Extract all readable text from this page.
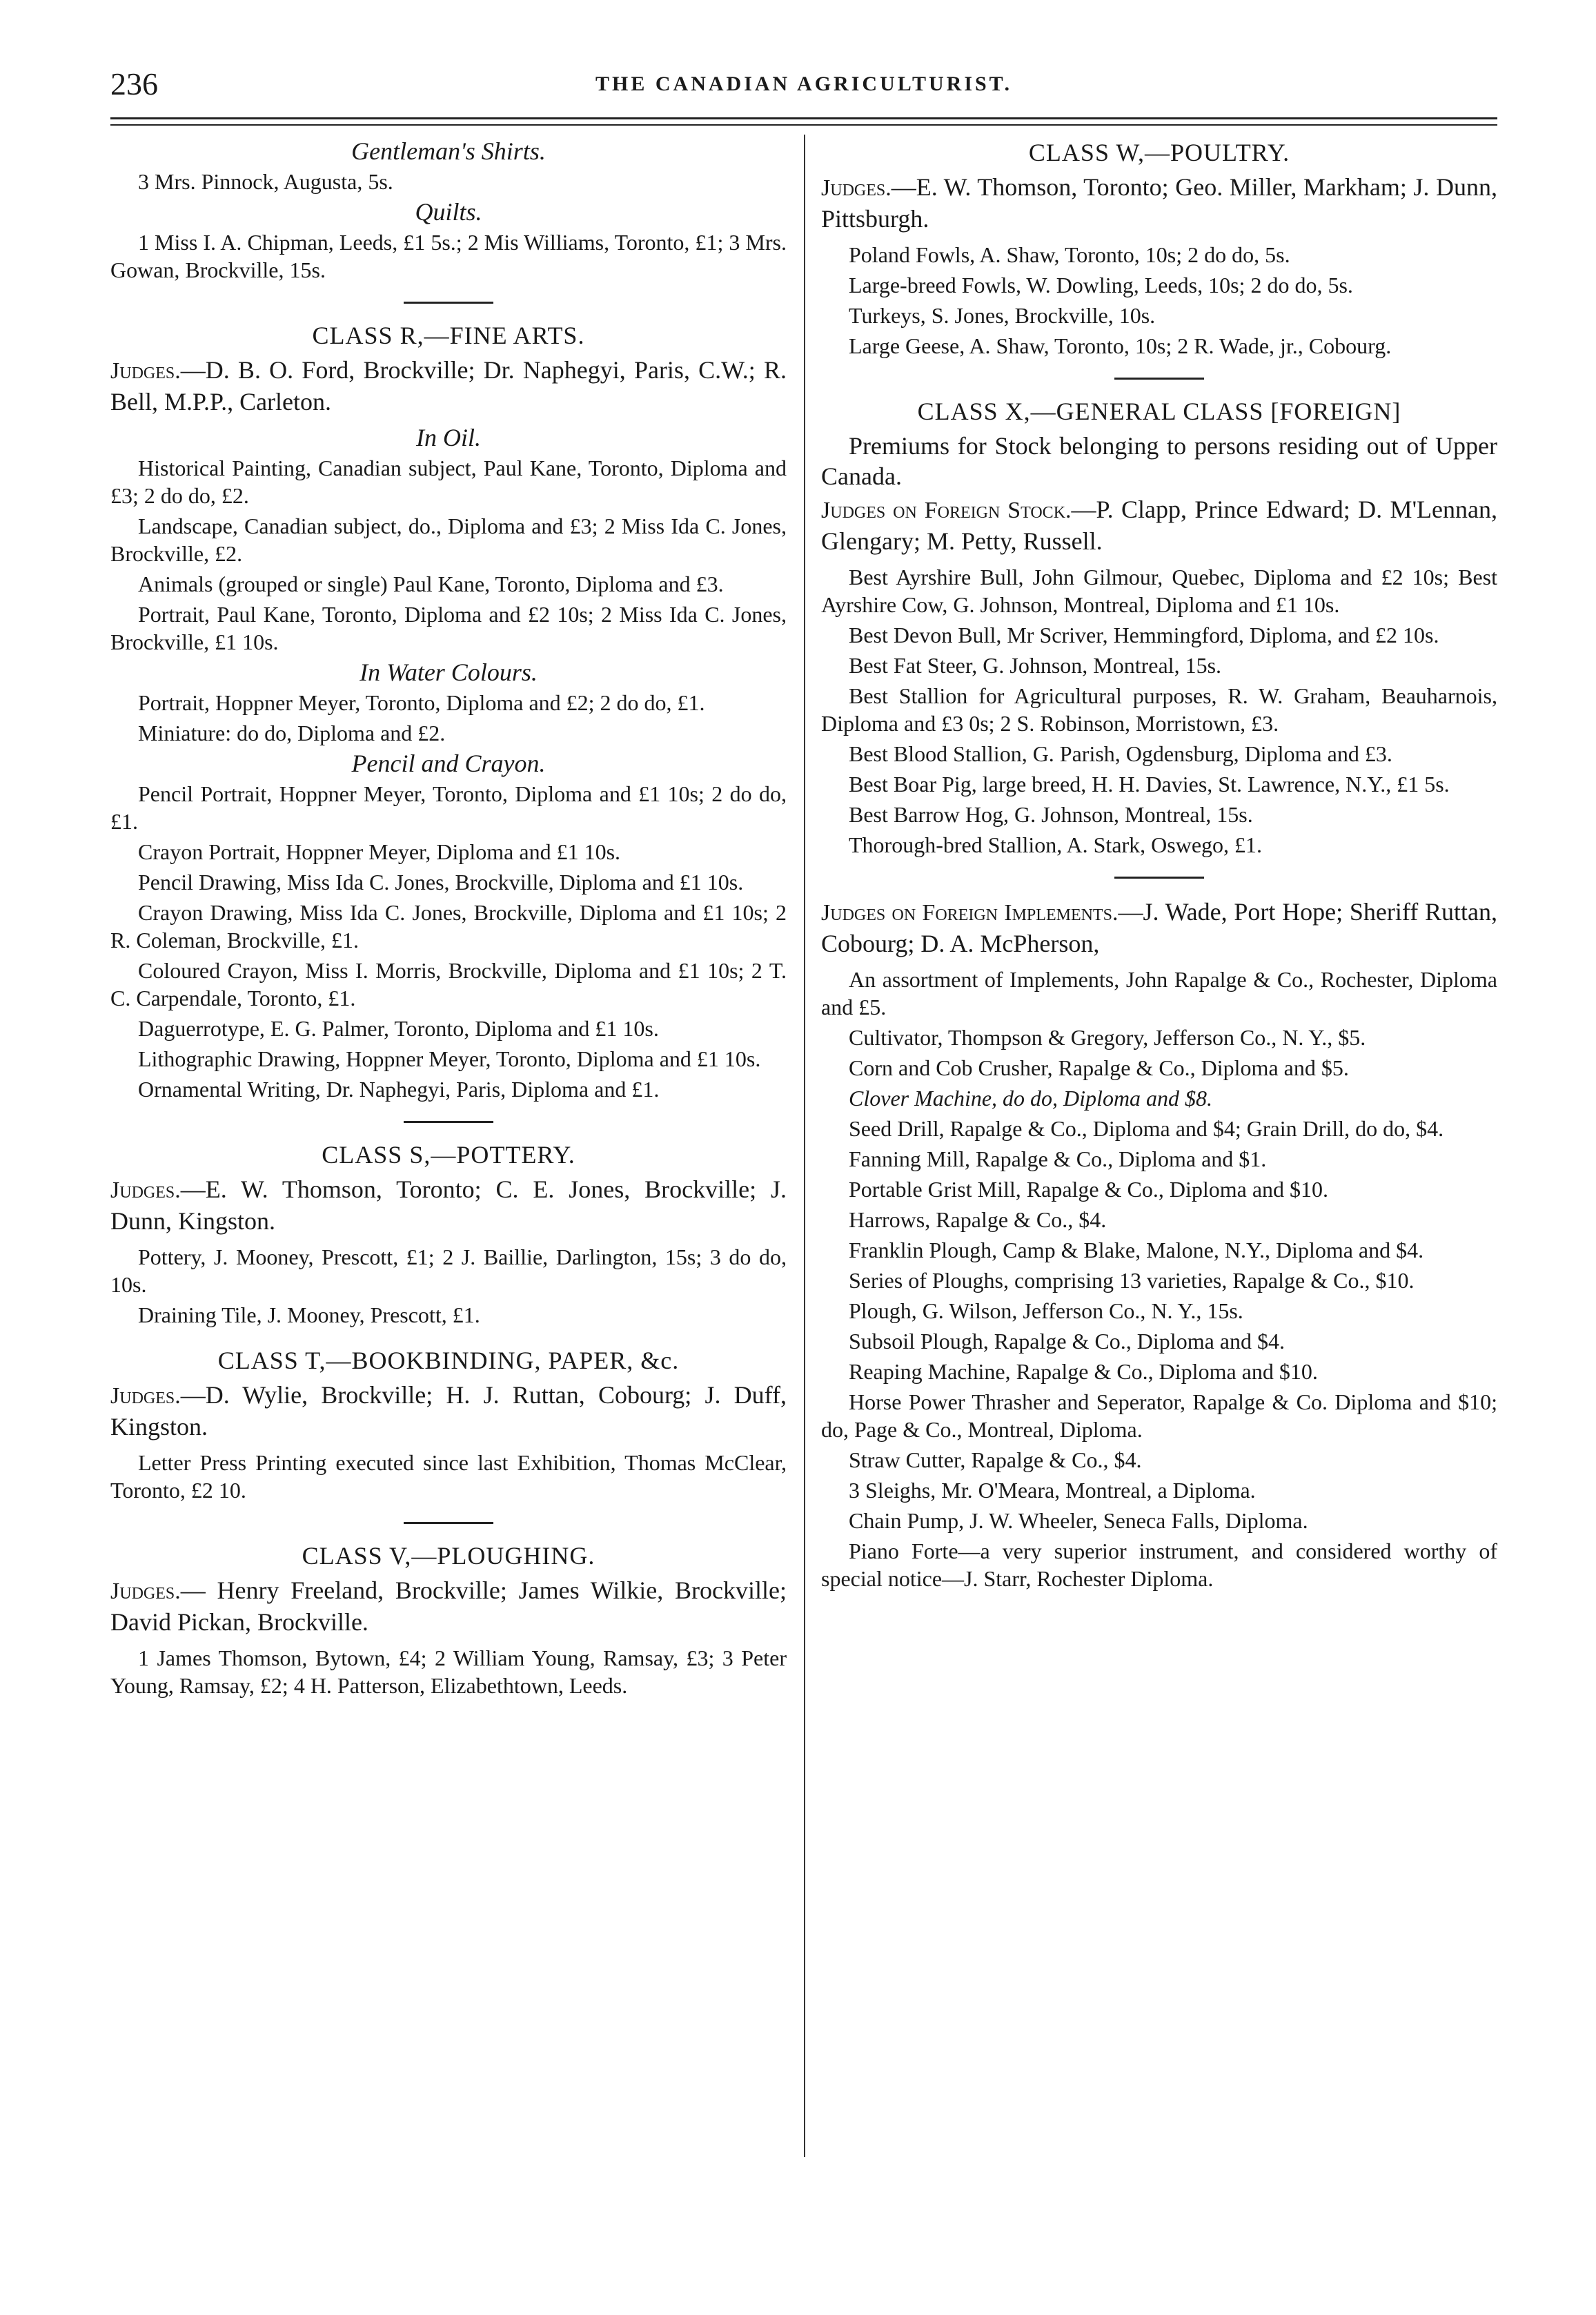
236	THE CANADIAN AGRICULTURIST.
Gentleman's Shirts.

3 Mrs. Pinnock, Augusta, 5s.

Quilts.

1 Miss I. A. Chipman, Leeds, £1 5s.; 2 Mis Williams, Toronto, £1; 3 Mrs. Gowan, Brockville, 15s.

CLASS R,—FINE ARTS.

Judges.—D. B. O. Ford, Brockville; Dr. Naphegyi, Paris, C.W.; R. Bell, M.P.P., Carleton.

In Oil.

Historical Painting, Canadian subject, Paul Kane, Toronto, Diploma and £3; 2 do do, £2.

Landscape, Canadian subject, do., Diploma and £3; 2 Miss Ida C. Jones, Brockville, £2.

Animals (grouped or single) Paul Kane, Toronto, Diploma and £3.

Portrait, Paul Kane, Toronto, Diploma and £2 10s; 2 Miss Ida C. Jones, Brockville, £1 10s.

In Water Colours.

Portrait, Hoppner Meyer, Toronto, Diploma and £2; 2 do do, £1.

Miniature: do do, Diploma and £2.

Pencil and Crayon.

Pencil Portrait, Hoppner Meyer, Toronto, Diploma and £1 10s; 2 do do, £1.

Crayon Portrait, Hoppner Meyer, Diploma and £1 10s.

Pencil Drawing, Miss Ida C. Jones, Brockville, Diploma and £1 10s.

Crayon Drawing, Miss Ida C. Jones, Brockville, Diploma and £1 10s; 2 R. Coleman, Brockville, £1.

Coloured Crayon, Miss I. Morris, Brockville, Diploma and £1 10s; 2 T. C. Carpendale, Toronto, £1.

Daguerrotype, E. G. Palmer, Toronto, Diploma and £1 10s.

Lithographic Drawing, Hoppner Meyer, Toronto, Diploma and £1 10s.

Ornamental Writing, Dr. Naphegyi, Paris, Diploma and £1.

CLASS S,—POTTERY.

Judges.—E. W. Thomson, Toronto; C. E. Jones, Brockville; J. Dunn, Kingston.

Pottery, J. Mooney, Prescott, £1; 2 J. Baillie, Darlington, 15s; 3 do do, 10s.

Draining Tile, J. Mooney, Prescott, £1.

CLASS T,—BOOKBINDING, PAPER, &c.

Judges.—D. Wylie, Brockville; H. J. Ruttan, Cobourg; J. Duff, Kingston.

Letter Press Printing executed since last Exhibition, Thomas McClear, Toronto, £2 10.

CLASS V,—PLOUGHING.

Judges.— Henry Freeland, Brockville; James Wilkie, Brockville; David Pickan, Brockville.

1 James Thomson, Bytown, £4; 2 William Young, Ramsay, £3; 3 Peter Young, Ramsay, £2; 4 H. Patterson, Elizabethtown, Leeds.

CLASS W,—POULTRY.

Judges.—E. W. Thomson, Toronto; Geo. Miller, Markham; J. Dunn, Pittsburgh.

Poland Fowls, A. Shaw, Toronto, 10s; 2 do do, 5s.

Large-breed Fowls, W. Dowling, Leeds, 10s; 2 do do, 5s.

Turkeys, S. Jones, Brockville, 10s.

Large Geese, A. Shaw, Toronto, 10s; 2 R. Wade, jr., Cobourg.

CLASS X,—GENERAL CLASS [FOREIGN]

Premiums for Stock belonging to persons residing out of Upper Canada.

Judges on Foreign Stock.—P. Clapp, Prince Edward; D. M'Lennan, Glengary; M. Petty, Russell.

Best Ayrshire Bull, John Gilmour, Quebec, Diploma and £2 10s; Best Ayrshire Cow, G. Johnson, Montreal, Diploma and £1 10s.

Best Devon Bull, Mr Scriver, Hemmingford, Diploma, and £2 10s.

Best Fat Steer, G. Johnson, Montreal, 15s.

Best Stallion for Agricultural purposes, R. W. Graham, Beauharnois, Diploma and £3 0s; 2 S. Robinson, Morristown, £3.

Best Blood Stallion, G. Parish, Ogdensburg, Diploma and £3.

Best Boar Pig, large breed, H. H. Davies, St. Lawrence, N.Y., £1 5s.

Best Barrow Hog, G. Johnson, Montreal, 15s.

Thorough-bred Stallion, A. Stark, Oswego, £1.

Judges on Foreign Implements.—J. Wade, Port Hope; Sheriff Ruttan, Cobourg; D. A. McPherson,

An assortment of Implements, John Rapalge & Co., Rochester, Diploma and £5.

Cultivator, Thompson & Gregory, Jefferson Co., N. Y., $5.

Corn and Cob Crusher, Rapalge & Co., Diploma and $5.

Clover Machine, do do, Diploma and $8.

Seed Drill, Rapalge & Co., Diploma and $4; Grain Drill, do do, $4.

Fanning Mill, Rapalge & Co., Diploma and $1.

Portable Grist Mill, Rapalge & Co., Diploma and $10.

Harrows, Rapalge & Co., $4.

Franklin Plough, Camp & Blake, Malone, N.Y., Diploma and $4.

Series of Ploughs, comprising 13 varieties, Rapalge & Co., $10.

Plough, G. Wilson, Jefferson Co., N. Y., 15s.

Subsoil Plough, Rapalge & Co., Diploma and $4.

Reaping Machine, Rapalge & Co., Diploma and $10.

Horse Power Thrasher and Seperator, Rapalge & Co. Diploma and $10; do, Page & Co., Montreal, Diploma.

Straw Cutter, Rapalge & Co., $4.

3 Sleighs, Mr. O'Meara, Montreal, a Diploma.

Chain Pump, J. W. Wheeler, Seneca Falls, Diploma.

Piano Forte—a very superior instrument, and considered worthy of special notice—J. Starr, Rochester Diploma.
